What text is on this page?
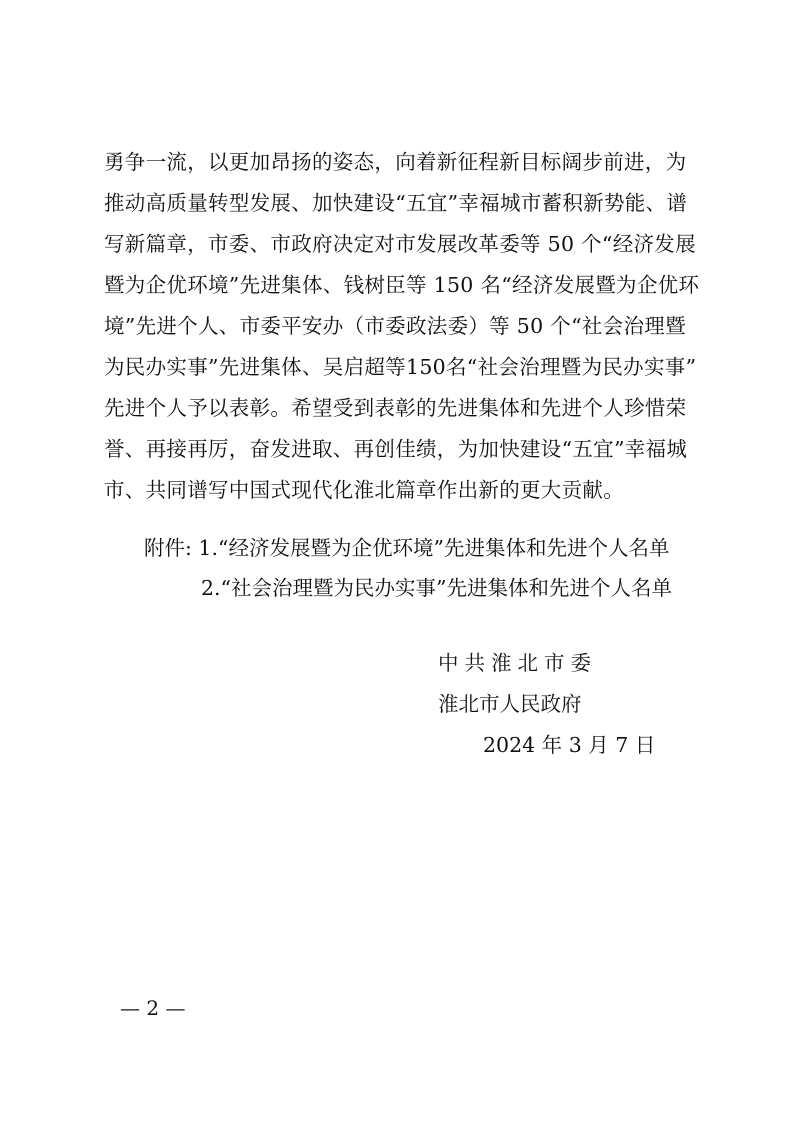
勇争一流，以更加昂扬的姿态，向着新征程新目标阔步前进，为
推动高质量转型发展、加快建设“五宜”幸福城市蓄积新势能、谱
写新篇章，市委、市政府决定对市发展改革委等 50 个“经济发展
暨为企优环境”先进集体、钱树臣等 150 名“经济发展暨为企优环
境”先进个人、市委平安办（市委政法委）等 50 个“社会治理暨
为民办实事”先进集体、吴启超等150名“社会治理暨为民办实事”
先进个人予以表彰。希望受到表彰的先进集体和先进个人珍惜荣
誉、再接再厉，奋发进取、再创佳绩，为加快建设“五宜”幸福城
市、共同谱写中国式现代化淮北篇章作出新的更大贡献。
附件: 1.“经济发展暨为企优环境”先进集体和先进个人名单
2.“社会治理暨为民办实事”先进集体和先进个人名单
中共淮北市委
淮北市人民政府
2024 年 3 月 7 日
— 2 —
